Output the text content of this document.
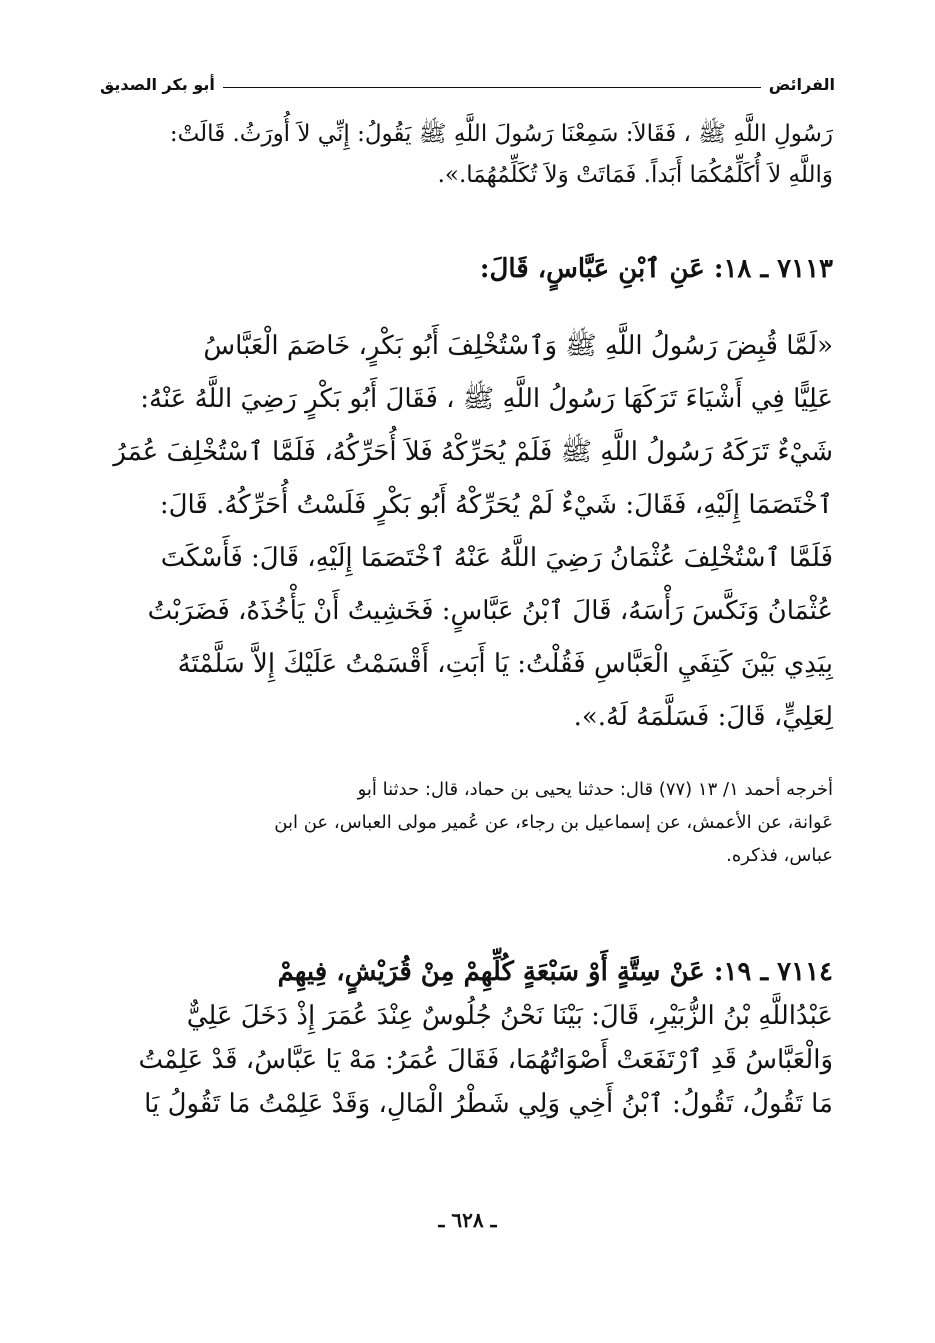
الفرائض
أبو بكر الصديق
رَسُولِ اللَّهِ ﷺ ، فَقَالاَ: سَمِعْنَا رَسُولَ اللَّهِ ﷺ يَقُولُ: إِنِّي لاَ أُورَثُ. قَالَتْ:
وَاللَّهِ لاَ أُكَلِّمُكُمَا أَبَداً. فَمَاتَتْ وَلاَ تُكَلِّمُهُمَا.».
٧١١٣ ـ ١٨: عَنِ ٱبْنِ عَبَّاسٍ، قَالَ:
«لَمَّا قُبِضَ رَسُولُ اللَّهِ ﷺ وَٱسْتُخْلِفَ أَبُو بَكْرٍ، خَاصَمَ الْعَبَّاسُ
عَلِيًّا فِي أَشْيَاءَ تَرَكَهَا رَسُولُ اللَّهِ ﷺ ، فَقَالَ أَبُو بَكْرٍ رَضِيَ اللَّهُ عَنْهُ:
شَيْءٌ تَرَكَهُ رَسُولُ اللَّهِ ﷺ فَلَمْ يُحَرِّكْهُ فَلاَ أُحَرِّكُهُ، فَلَمَّا ٱسْتُخْلِفَ عُمَرُ
ٱخْتَصَمَا إِلَيْهِ، فَقَالَ: شَيْءٌ لَمْ يُحَرِّكْهُ أَبُو بَكْرٍ فَلَسْتُ أُحَرِّكُهُ. قَالَ:
فَلَمَّا ٱسْتُخْلِفَ عُثْمَانُ رَضِيَ اللَّهُ عَنْهُ ٱخْتَصَمَا إِلَيْهِ، قَالَ: فَأَسْكَتَ
عُثْمَانُ وَنَكَّسَ رَأْسَهُ، قَالَ ٱبْنُ عَبَّاسٍ: فَخَشِيتُ أَنْ يَأْخُذَهُ، فَضَرَبْتُ
بِيَدِي بَيْنَ كَتِفَيِ الْعَبَّاسِ فَقُلْتُ: يَا أَبَتِ، أَقْسَمْتُ عَلَيْكَ إِلاَّ سَلَّمْتَهُ
لِعَلِيٍّ، قَالَ: فَسَلَّمَهُ لَهُ.».
أخرجه أحمد ١/ ١٣ (٧٧) قال: حدثنا يحيى بن حماد، قال: حدثنا أبو
عَوانة، عن الأعمش، عن إسماعيل بن رجاء، عن عُمير مولى العباس، عن ابن
عباس، فذكره.
٧١١٤ ـ ١٩: عَنْ سِتَّةٍ أَوْ سَبْعَةٍ كُلِّهِمْ مِنْ قُرَيْشٍ، فِيهِمْ
عَبْدُاللَّهِ بْنُ الزُّبَيْرِ، قَالَ: بَيْنَا نَحْنُ جُلُوسٌ عِنْدَ عُمَرَ إِذْ دَخَلَ عَلِيٌّ
وَالْعَبَّاسُ قَدِ ٱرْتَفَعَتْ أَصْوَاتُهُمَا، فَقَالَ عُمَرُ: مَهْ يَا عَبَّاسُ، قَدْ عَلِمْتُ
مَا تَقُولُ، تَقُولُ: ٱبْنُ أَخِي وَلِي شَطْرُ الْمَالِ، وَقَدْ عَلِمْتُ مَا تَقُولُ يَا
ـ ٦٢٨ ـ
